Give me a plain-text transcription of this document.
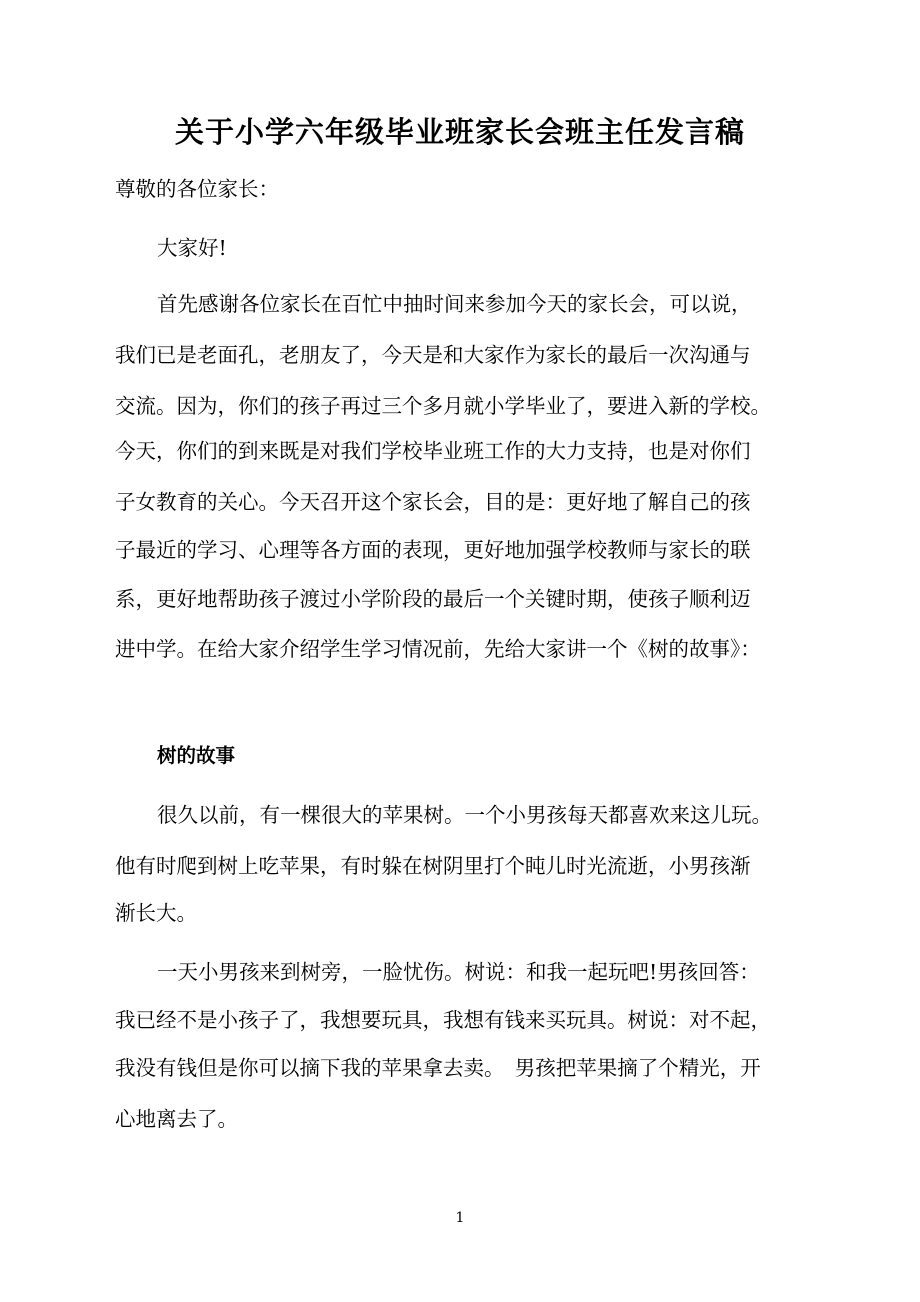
关于小学六年级毕业班家长会班主任发言稿
尊敬的各位家长：
大家好!
首先感谢各位家长在百忙中抽时间来参加今天的家长会，可以说，
我们已是老面孔，老朋友了，今天是和大家作为家长的最后一次沟通与
交流。因为，你们的孩子再过三个多月就小学毕业了，要进入新的学校。
今天，你们的到来既是对我们学校毕业班工作的大力支持，也是对你们
子女教育的关心。今天召开这个家长会，目的是：更好地了解自己的孩
子最近的学习、心理等各方面的表现，更好地加强学校教师与家长的联
系，更好地帮助孩子渡过小学阶段的最后一个关键时期，使孩子顺利迈
进中学。在给大家介绍学生学习情况前，先给大家讲一个《树的故事》：
树的故事
很久以前，有一棵很大的苹果树。一个小男孩每天都喜欢来这儿玩。
他有时爬到树上吃苹果，有时躲在树阴里打个盹儿时光流逝，小男孩渐
渐长大。
一天小男孩来到树旁，一脸忧伤。树说：和我一起玩吧!男孩回答：
我已经不是小孩子了，我想要玩具，我想有钱来买玩具。树说：对不起，
我没有钱但是你可以摘下我的苹果拿去卖。　男孩把苹果摘了个精光，开
心地离去了。
1
